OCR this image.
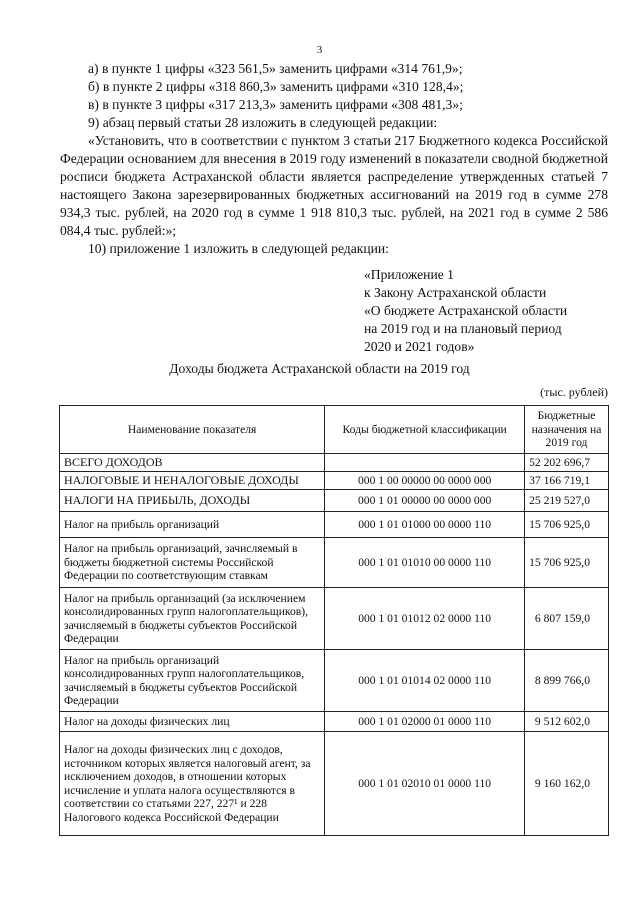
3

а) в пункте 1 цифры «323 561,5» заменить цифрами «314 761,9»;

б) в пункте 2 цифры «318 860,3» заменить цифрами «310 128,4»;

в) в пункте 3 цифры «317 213,3» заменить цифрами «308 481,3»;

9) абзац первый статьи 28 изложить в следующей редакции:

«Установить, что в соответствии с пунктом 3 статьи 217 Бюджетного кодекса Российской Федерации основанием для внесения в 2019 году изменений в показатели сводной бюджетной росписи бюджета Астраханской области является распределение утвержденных статьей 7 настоящего Закона зарезервированных бюджетных ассигнований на 2019 год в сумме 278 934,3 тыс. рублей, на 2020 год в сумме 1 918 810,3 тыс. рублей, на 2021 год в сумме 2 586 084,4 тыс. рублей:»;

10) приложение 1 изложить в следующей редакции:

«Приложение 1
к Закону Астраханской области
«О бюджете Астраханской области
на 2019 год и на плановый период
2020 и 2021 годов»
Доходы бюджета Астраханской области на 2019 год
(тыс. рублей)
Наименование показателя	Коды бюджетной классификации	Бюджетные назначения на 2019 год
ВСЕГО ДОХОДОВ		52 202 696,7
НАЛОГОВЫЕ И НЕНАЛОГОВЫЕ ДОХОДЫ	000 1 00 00000 00 0000 000	37 166 719,1
НАЛОГИ НА ПРИБЫЛЬ, ДОХОДЫ	000 1 01 00000 00 0000 000	25 219 527,0
Налог на прибыль организаций	000 1 01 01000 00 0000 110	15 706 925,0
Налог на прибыль организаций, зачисляемый в бюджеты бюджетной системы Российской Федерации по соответствующим ставкам	000 1 01 01010 00 0000 110	15 706 925,0
Налог на прибыль организаций (за исключением консолидированных групп налогоплательщиков), зачисляемый в бюджеты субъектов Российской Федерации	000 1 01 01012 02 0000 110	6 807 159,0
Налог на прибыль организаций консолидированных групп налогоплательщиков, зачисляемый в бюджеты субъектов Российской Федерации	000 1 01 01014 02 0000 110	8 899 766,0
Налог на доходы физических лиц	000 1 01 02000 01 0000 110	9 512 602,0
Налог на доходы физических лиц с доходов, источником которых является налоговый агент, за исключением доходов, в отношении которых исчисление и уплата налога осуществляются в соответствии со статьями 227, 227¹ и 228 Налогового кодекса Российской Федерации	000 1 01 02010 01 0000 110	9 160 162,0
